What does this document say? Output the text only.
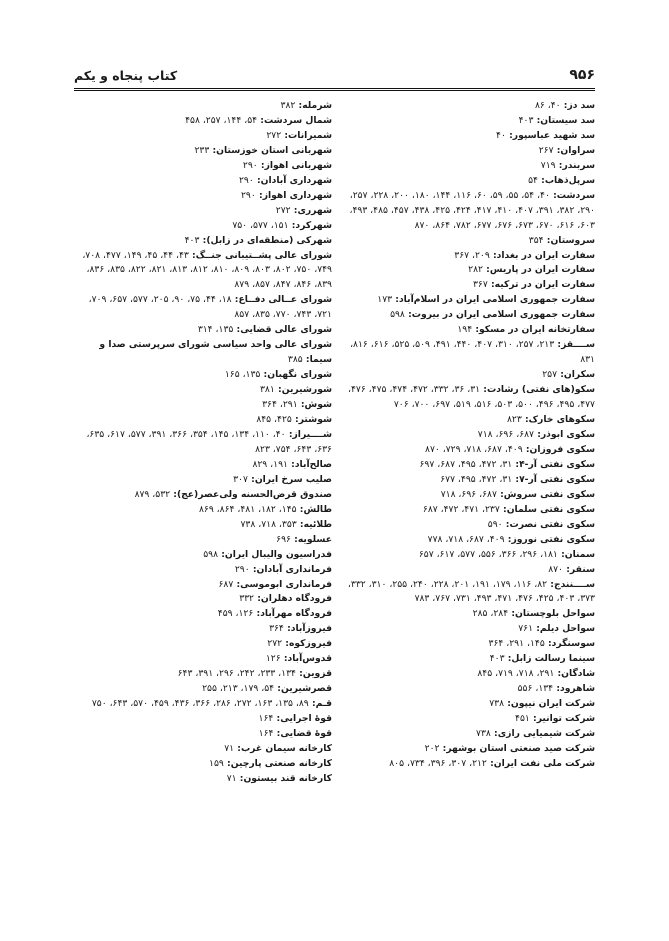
۹۵۶
کتاب پنجاه و یکم

سد دز: ۴۰، ۸۶

سد سیستان: ۴۰۳

سد شهید عباسپور: ۴۰

سراوان: ۲۶۷

سربندر: ۷۱۹

سرپل‌ذهاب: ۵۴

سردشت: ۴۰، ۵۴، ۵۵، ۵۹، ۶۰، ۱۱۶، ۱۴۴، ۱۸۰، ۲۰۰، ۲۲۸، ۲۵۷، ۲۹۰، ۳۸۲، ۳۹۱، ۴۰۷، ۴۱۰، ۴۱۷، ۴۲۴، ۴۲۵، ۴۳۸، ۴۵۷، ۴۸۵، ۴۹۳، ۶۰۳، ۶۱۶، ۶۷۰، ۶۷۳، ۶۷۶، ۶۷۷، ۷۸۲، ۸۶۴، ۸۷۰

سروستان: ۳۵۴

سفارت ایران در بغداد: ۲۰۹، ۳۶۷

سفارت ایران در پاریس: ۲۸۲

سفارت ایران در ترکیه: ۳۶۷

سفارت جمهوری اسلامی ایران در اسلام‌آباد: ۱۷۳

سفارت جمهوری اسلامی ایران در بیروت: ۵۹۸

سفارتخانه ایران در مسکو: ۱۹۴

ســــقز: ۲۱۳، ۲۵۷، ۳۱۰، ۴۰۷، ۴۴۰، ۴۹۱، ۵۰۹، ۵۲۵، ۶۱۶، ۸۱۶، ۸۳۱

سکران: ۲۵۷

سکو(های نفتی) رشادت: ۳۱، ۳۶، ۳۳۲، ۴۷۲، ۴۷۴، ۴۷۵، ۴۷۶، ۴۷۷، ۴۹۵، ۴۹۶، ۵۰۰، ۵۰۳، ۵۱۶، ۵۱۹، ۶۹۷، ۷۰۰، ۷۰۶

سکوهای خارک: ۸۲۳

سکوی ابوذر: ۶۸۷، ۶۹۶، ۷۱۸

سکوی فروزان: ۴۰۹، ۶۸۷، ۷۱۸، ۷۲۹، ۸۷۰

سکوی نفتی آر-۴: ۳۱، ۴۷۲، ۴۹۵، ۶۸۷، ۶۹۷

سکوی نفتی آر-۷: ۳۱، ۴۷۲، ۴۹۵، ۶۷۷

سکوی نفتی سروش: ۶۸۷، ۶۹۶، ۷۱۸

سکوی نفتی سلمان: ۲۳۷، ۴۷۱، ۴۷۲، ۶۸۷

سکوی نفتی نصرت: ۵۹۰

سکوی نفتی نوروز: ۴۰۹، ۶۸۷، ۷۱۸، ۷۷۸

سمنان: ۱۸۱، ۲۹۶، ۳۶۶، ۵۵۶، ۵۷۷، ۶۱۷، ۶۵۷

سنقر: ۸۷۰

ســــنندج: ۸۲، ۱۱۶، ۱۷۹، ۱۹۱، ۲۰۱، ۲۲۸، ۲۴۰، ۲۵۵، ۳۱۰، ۳۳۲، ۳۷۳، ۴۰۳، ۴۲۵، ۴۷۶، ۴۷۱، ۴۹۳، ۷۳۱، ۷۶۷، ۷۸۳

سواحل بلوچستان: ۲۸۴، ۲۸۵

سواحل دیلم: ۷۶۱

سوسنگرد: ۱۴۵، ۲۹۱، ۳۶۴

سینما رسالت زابل: ۴۰۳

شادگان: ۲۹۱، ۷۱۸، ۷۱۹، ۸۴۵

شاهرود: ۱۳۴، ۵۵۶

شرکت ایران نیپون: ۷۳۸

شرکت توانیر: ۴۵۱

شرکت شیمیایی رازی: ۷۳۸

شرکت صید صنعتی استان بوشهر: ۲۰۲

شرکت ملی نفت ایران: ۲۱۲، ۳۰۷، ۳۹۶، ۷۳۴، ۸۰۵

شرمله: ۳۸۲

شمال سردشت: ۵۴، ۱۴۴، ۲۵۷، ۴۵۸

شمیرانات: ۲۷۲

شهربانی استان خوزستان: ۲۳۳

شهربانی اهواز: ۲۹۰

شهرداری آبادان: ۲۹۰

شهرداری اهواز: ۲۹۰

شهرری: ۲۷۲

شهرکرد: ۱۵۱، ۵۷۷، ۷۵۰

شهرکی (منطقه‌ای در زابل): ۴۰۳

شورای عالی پشــتیبانی جنــگ: ۴۳، ۴۴، ۴۵، ۱۴۹، ۴۷۷، ۷۰۸، ۷۴۹، ۷۵۰، ۸۰۲، ۸۰۳، ۸۰۹، ۸۱۰، ۸۱۲، ۸۱۳، ۸۲۱، ۸۲۲، ۸۳۵، ۸۳۶، ۸۳۹، ۸۴۶، ۸۴۷، ۸۵۷، ۸۷۹

شورای عــالی دفــاع: ۱۸، ۴۴، ۷۵، ۹۰، ۲۰۵، ۵۷۷، ۶۵۷، ۷۰۹، ۷۲۱، ۷۴۳، ۷۷۰، ۸۳۵، ۸۵۷

شورای عالی قضایی: ۱۳۵، ۳۱۴

شورای عالی واحد سیاسی شورای سرپرستی صدا و سیما: ۳۸۵

شورای نگهبان: ۱۳۵، ۱۶۵

شورشیرین: ۳۸۱

شوش: ۲۹۱، ۳۶۴

شوشتر: ۴۲۵، ۸۴۵

شــــیراز: ۴۰، ۱۱۰، ۱۳۴، ۱۴۵، ۳۵۴، ۳۶۶، ۳۹۱، ۵۷۷، ۶۱۷، ۶۳۵، ۶۳۶، ۶۴۳، ۷۵۴، ۸۲۳

صالح‌آباد: ۱۹۱، ۸۲۹

صلیب سرخ ایران: ۳۰۷

صندوق قرض‌الحسنه ولی‌عصر(عج): ۵۳۲، ۸۷۹

طالش: ۱۴۵، ۱۸۲، ۴۸۱، ۸۶۴، ۸۶۹

طلائیه: ۳۵۳، ۷۱۸، ۷۳۸

عسلویه: ۶۹۶

فدراسیون والیبال ایران: ۵۹۸

فرمانداری آبادان: ۲۹۰

فرمانداری ابوموسی: ۶۸۷

فرودگاه دهلران: ۳۳۲

فرودگاه مهرآباد: ۱۲۶، ۴۵۹

فیروزآباد: ۳۶۴

فیروزکوه: ۲۷۲

قدوس‌آباد: ۱۲۶

قزوین: ۱۳۴، ۲۳۳، ۲۴۲، ۲۹۶، ۳۹۱، ۶۴۳

قصرشیرین: ۵۴، ۱۷۹، ۲۱۳، ۲۵۵

قـم: ۸۹، ۱۳۵، ۱۶۳، ۲۷۲، ۲۸۶، ۳۶۶، ۴۳۶، ۴۵۹، ۵۷۰، ۶۴۳، ۷۵۰

قوهٔ اجرایی: ۱۶۴

قوهٔ قضایی: ۱۶۴

کارخانه سیمان غرب: ۷۱

کارخانه صنعتی پارچین: ۱۵۹

کارخانه قند بیستون: ۷۱
